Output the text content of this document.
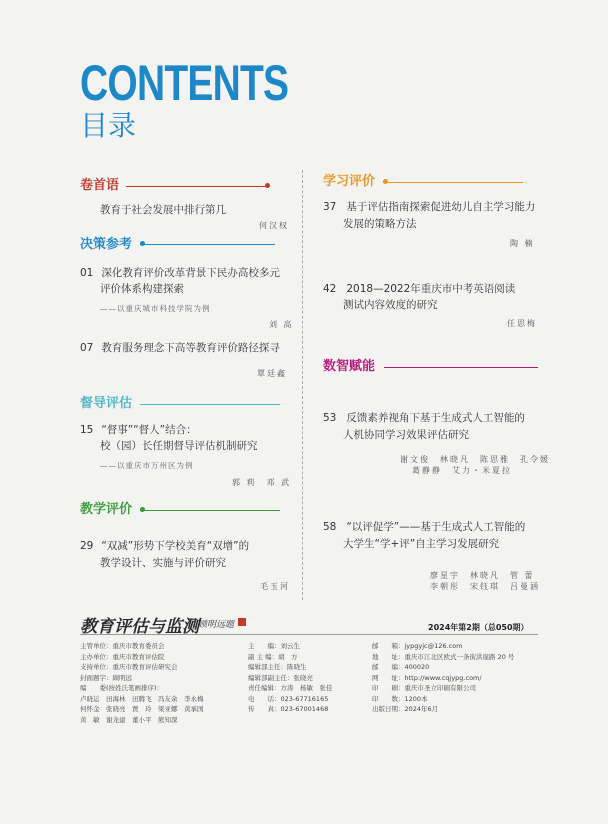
CONTENTS
目录
卷首语
教育于社会发展中排行第几
何汉权
决策参考
01 深化教育评价改革背景下民办高校多元
评价体系构建探索
——以重庆城市科技学院为例
刘 高
07 教育服务理念下高等教育评价路径探寻
覃廷鑫
督导评估
15 “督事”“督人”结合：
校（园）长任期督导评估机制研究
——以重庆市万州区为例
郭 莉　邓 武
教学评价
29 “双减”形势下学校美育“双增”的
教学设计、实施与评价研究
毛玉河
学习评价
37 基于评估指南探索促进幼儿自主学习能力
发展的策略方法
陶 楠
42 2018—2022年重庆市中考英语阅读
测试内容效度的研究
任思梅
数智赋能
53 反馈素养视角下基于生成式人工智能的
人机协同学习效果评估研究
谢文俊　林晓凡　陈思雅　孔令媛
葛静静　艾力・米夏拉
58 “以评促学”——基于生成式人工智能的
大学生“学+评”自主学习发展研究
廖星宇　林晓凡　管 蕾
李朝彤　宋钰琪　吕曼涵
教育评估与监测 顾明远题	2024年第2期（总050期）
主管单位：重庆市教育委员会
主办单位：重庆市教育评估院
支持单位：重庆市教育评估研究会
封面题字：顾明远
编　　委(按姓氏笔画排序)：
卢晓运　田海林　田腾飞　冯友余　李永梅
何怀金　张晓亮　贾　玲　梁亚娜　黄承国
黄　敏　谢龙建　董小平　熊知深
主　　编：刘云生
副 主 编：胡　方
编辑部主任：陈晓生
编辑部副主任：张晓亮
责任编辑：方涛　杨敏　张佳
电　　话：023-67716165
传　　真：023-67001468
邮　　箱：jypgyjc@126.com
地　　址：重庆市江北区欧式一条街洪崖路 20 号
邮　　编：400020
网　　址：http://www.cqjypg.com/
印　　刷：重庆市圣立印刷有限公司
印　　数：1200本
出版日期：2024年6月
